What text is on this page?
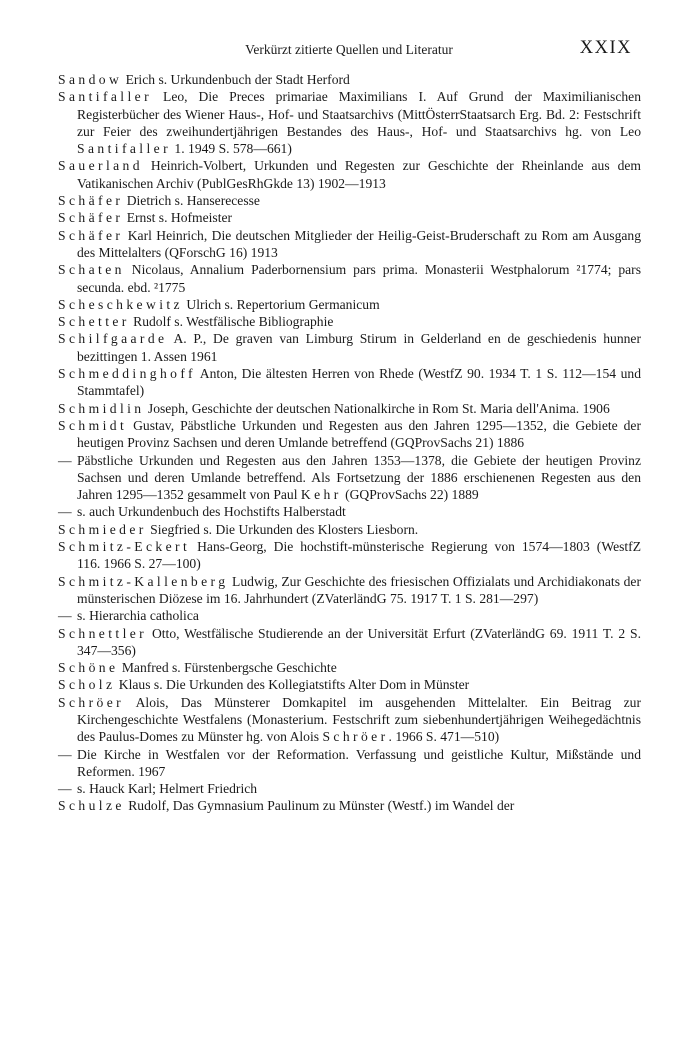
Verkürzt zitierte Quellen und Literatur	XXIX

Sandow Erich s. Urkundenbuch der Stadt Herford

Santifaller Leo, Die Preces primariae Maximilians I. Auf Grund der Maximilianischen Registerbücher des Wiener Haus-, Hof- und Staatsarchivs (MittÖsterrStaatsarch Erg. Bd. 2: Festschrift zur Feier des zweihundertjährigen Bestandes des Haus-, Hof- und Staatsarchivs hg. von Leo Santifaller 1. 1949 S. 578—661)

Sauerland Heinrich-Volbert, Urkunden und Regesten zur Geschichte der Rheinlande aus dem Vatikanischen Archiv (PublGesRhGkde 13) 1902—1913

Schäfer Dietrich s. Hanserecesse

Schäfer Ernst s. Hofmeister

Schäfer Karl Heinrich, Die deutschen Mitglieder der Heilig-Geist-Bruderschaft zu Rom am Ausgang des Mittelalters (QForschG 16) 1913

Schaten Nicolaus, Annalium Paderbornensium pars prima. Monasterii Westphalorum ²1774; pars secunda. ebd. ²1775

Scheschkewitz Ulrich s. Repertorium Germanicum

Schetter Rudolf s. Westfälische Bibliographie

Schilfgaarde A. P., De graven van Limburg Stirum in Gelderland en de geschiedenis hunner bezittingen 1. Assen 1961

Schmeddinghoff Anton, Die ältesten Herren von Rhede (WestfZ 90. 1934 T. 1 S. 112—154 und Stammtafel)

Schmidlin Joseph, Geschichte der deutschen Nationalkirche in Rom St. Maria dell'Anima. 1906

Schmidt Gustav, Päbstliche Urkunden und Regesten aus den Jahren 1295—1352, die Gebiete der heutigen Provinz Sachsen und deren Umlande betreffend (GQProvSachs 21) 1886

— Päbstliche Urkunden und Regesten aus den Jahren 1353—1378, die Gebiete der heutigen Provinz Sachsen und deren Umlande betreffend. Als Fortsetzung der 1886 erschienenen Regesten aus den Jahren 1295—1352 gesammelt von Paul Kehr (GQProvSachs 22) 1889

— s. auch Urkundenbuch des Hochstifts Halberstadt

Schmieder Siegfried s. Die Urkunden des Klosters Liesborn.

Schmitz-Eckert Hans-Georg, Die hochstift-münsterische Regierung von 1574—1803 (WestfZ 116. 1966 S. 27—100)

Schmitz-Kallenberg Ludwig, Zur Geschichte des friesischen Offizialats und Archidiakonats der münsterischen Diözese im 16. Jahrhundert (ZVaterländG 75. 1917 T. 1 S. 281—297)

— s. Hierarchia catholica

Schnettler Otto, Westfälische Studierende an der Universität Erfurt (ZVaterländG 69. 1911 T. 2 S. 347—356)

Schöne Manfred s. Fürstenbergsche Geschichte

Scholz Klaus s. Die Urkunden des Kollegiatstifts Alter Dom in Münster

Schröer Alois, Das Münsterer Domkapitel im ausgehenden Mittelalter. Ein Beitrag zur Kirchengeschichte Westfalens (Monasterium. Festschrift zum siebenhundertjährigen Weihegedächtnis des Paulus-Domes zu Münster hg. von Alois Schröer. 1966 S. 471—510)

— Die Kirche in Westfalen vor der Reformation. Verfassung und geistliche Kultur, Mißstände und Reformen. 1967

— s. Hauck Karl; Helmert Friedrich

Schulze Rudolf, Das Gymnasium Paulinum zu Münster (Westf.) im Wandel der
